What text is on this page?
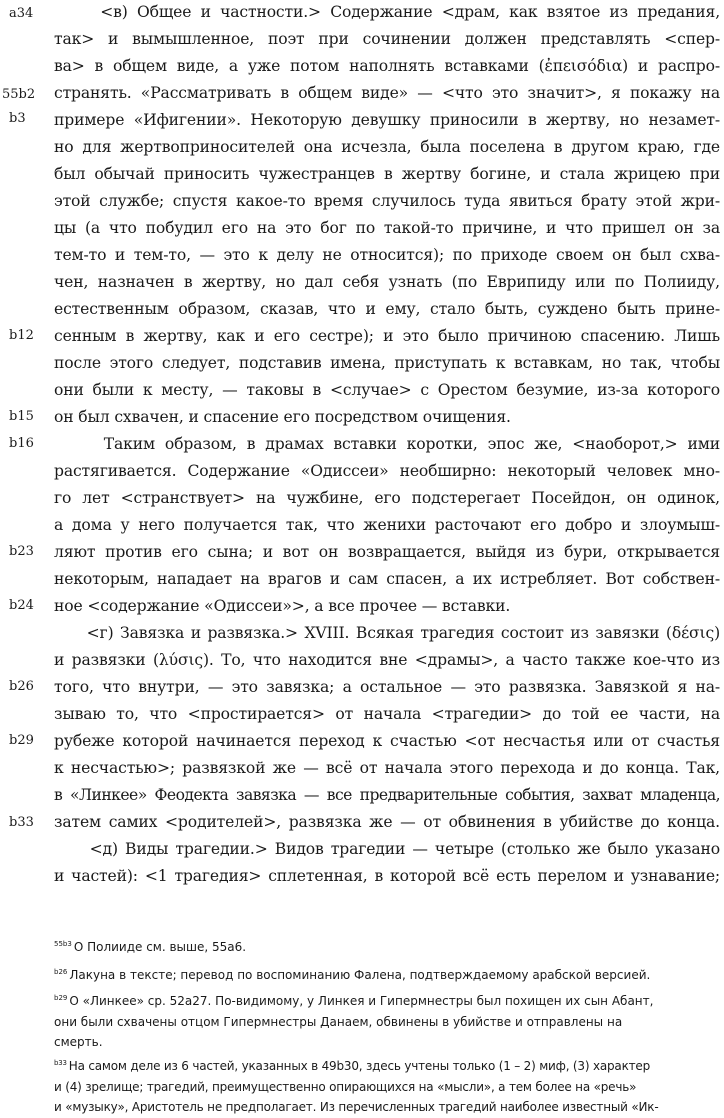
a34
55b2
b3
b12
b15
b16
b23
b24
b26
b29
b33
<в) Общее и частности.> Содержание <драм, как взятое из предания,
так> и вымышленное, поэт при сочинении должен представлять <спер-
ва> в общем виде, а уже потом наполнять вставками (ἐπεισόδια) и распро-
странять. «Рассматривать в общем виде» — <что это значит>, я покажу на
примере «Ифигении». Некоторую девушку приносили в жертву, но незамет-
но для жертвоприносителей она исчезла, была поселена в другом краю, где
был обычай приносить чужестранцев в жертву богине, и стала жрицею при
этой службе; спустя какое-то время случилось туда явиться брату этой жри-
цы (а что побудил его на это бог по такой-то причине, и что пришел он за
тем-то и тем-то, — это к делу не относится); по приходе своем он был схва-
чен, назначен в жертву, но дал себя узнать (по Еврипиду или по Полииду,
естественным образом, сказав, что и ему, стало быть, суждено быть прине-
сенным в жертву, как и его сестре); и это было причиною спасению. Лишь
после этого следует, подставив имена, приступать к вставкам, но так, чтобы
они были к месту, — таковы в <случае> с Орестом безумие, из-за которого
он был схвачен, и спасение его посредством очищения.
Таким образом, в драмах вставки коротки, эпос же, <наоборот,> ими
растягивается. Содержание «Одиссеи» необширно: некоторый человек мно-
го лет <странствует> на чужбине, его подстерегает Посейдон, он одинок,
а дома у него получается так, что женихи расточают его добро и злоумыш-
ляют против его сына; и вот он возвращается, выйдя из бури, открывается
некоторым, нападает на врагов и сам спасен, а их истребляет. Вот собствен-
ное <содержание «Одиссеи»>, а все прочее — вставки.
<г) Завязка и развязка.> XVIII. Всякая трагедия состоит из завязки (δέσις)
и развязки (λύσις). То, что находится вне <драмы>, а часто также кое-что из
того, что внутри, — это завязка; а остальное — это развязка. Завязкой я на-
зываю то, что <простирается> от начала <трагедии> до той ее части, на
рубеже которой начинается переход к счастью <от несчастья или от счастья
к несчастью>; развязкой же — всё от начала этого перехода и до конца. Так,
в «Линкее» Феодекта завязка — все предварительные события, захват младенца,
затем самих <родителей>, развязка же — от обвинения в убийстве до конца.
<д) Виды трагедии.> Видов трагедии — четыре (столько же было указано
и частей): <1 трагедия> сплетенная, в которой всё есть перелом и узнавание;
$^{55b3}$ О Полииде см. выше, 55а6.
$^{b26}$ Лакуна в тексте; перевод по воспоминанию Фалена, подтверждаемому арабской версией.
$^{b29}$ О «Линкее» ср. 52а27. По-видимому, у Линкея и Гипермнестры был похищен их сын Абант,
они были схвачены отцом Гипермнестры Данаем, обвинены в убийстве и отправлены на
смерть.
$^{b33}$ На самом деле из 6 частей, указанных в 49b30, здесь учтены только (1 – 2) миф, (3) характер
и (4) зрелище; трагедий, преимущественно опирающихся на «мысли», а тем более на «речь»
и «музыку», Аристотель не предполагает. Из перечисленных трагедий наиболее известный «Ик-
